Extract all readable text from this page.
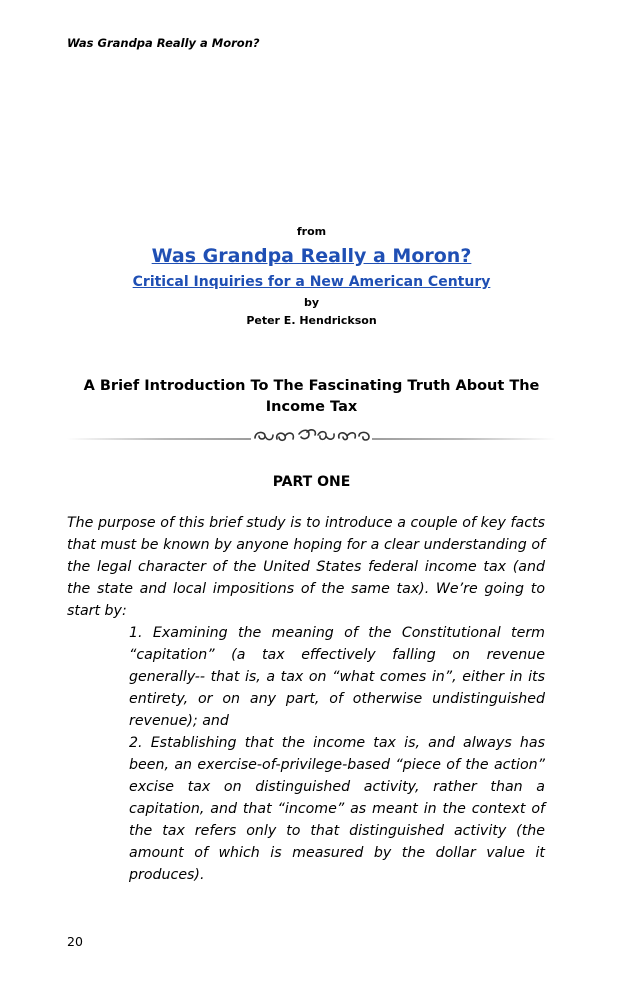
Was Grandpa Really a Moron?
from
Was Grandpa Really a Moron?
Critical Inquiries for a New American Century
by
Peter E. Hendrickson
A Brief Introduction To The Fascinating Truth About The
Income Tax
PART ONE

The purpose of this brief study is to introduce a couple of key facts that must be known by anyone hoping for a clear understanding of the legal character of the United States federal income tax (and the state and local impositions of the same tax). We’re going to start by:

1. Examining the meaning of the Constitutional term “capitation” (a tax effectively falling on revenue generally-- that is, a tax on “what comes in”, either in its entirety, or on any part, of otherwise undistinguished revenue); and

2. Establishing that the income tax is, and always has been, an exercise-of-privilege-based “piece of the action” excise tax on distinguished activity, rather than a capitation, and that “income” as meant in the context of the tax refers only to that distinguished activity (the amount of which is measured by the dollar value it produces).

20
